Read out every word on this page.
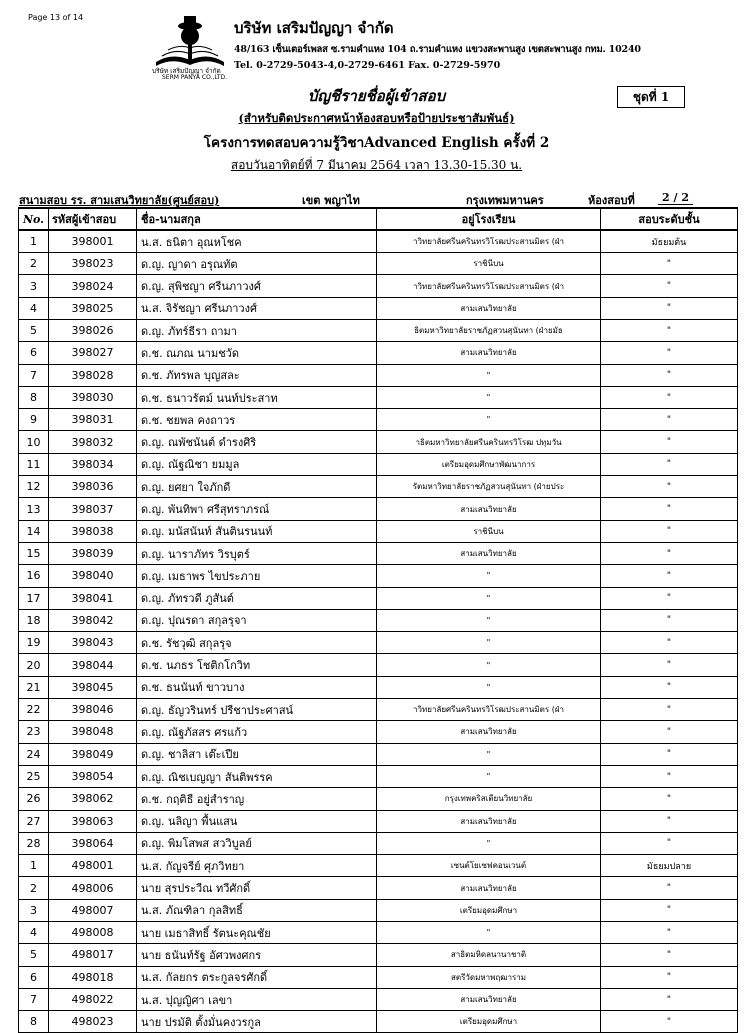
Page 13 of 14
บริษัท เสริมปัญญา จำกัด
SERM PANYA CO.,LTD.
บริษัท เสริมปัญญา จำกัด
48/163 เซ็นเตอร์เพลส ซ.รามคำแหง 104 ถ.รามคำแหง แขวงสะพานสูง เขตสะพานสูง กทม. 10240
Tel. 0-2729-5043-4,0-2729-6461 Fax. 0-2729-5970
บัญชีรายชื่อผู้เข้าสอบ	ชุดที่ 1
(สำหรับติดประกาศหน้าห้องสอบหรือป้ายประชาสัมพันธ์)
โครงการทดสอบความรู้วิชาAdvanced English ครั้งที่ 2
สอบวันอาทิตย์ที่ 7 มีนาคม 2564 เวลา 13.30-15.30 น.
สนามสอบ รร. สามเสนวิทยาลัย(ศูนย์สอบ)	เขต พญาไท	กรุงเทพมหานคร	ห้องสอบที่	2 / 2
No.	รหัสผู้เข้าสอบ	ชื่อ-นามสกุล	อยู่โรงเรียน	สอบระดับชั้น
1	398001	น.ส. ธนิตา อุณหโชค	าวิทยาลัยศรีนครินทรวิโรฒประสานมิตร (ฝ่า	มัธยมต้น
2	398023	ด.ญ. ญาดา อรุณทัต	ราชินีบน	"
3	398024	ด.ญ. สุพิชญา ศรีนภาวงศ์	าวิทยาลัยศรีนครินทรวิโรฒประสานมิตร (ฝ่า	"
4	398025	น.ส. จิรัชญา ศรีนภาวงศ์	สามเสนวิทยาลัย	"
5	398026	ด.ญ. ภัทร์ธีรา ถามา	ธิตมหาวิทยาลัยราชภัฏสวนสุนันทา (ฝ่ายมัธ	"
6	398027	ด.ช. ณภณ นามชวัด	สามเสนวิทยาลัย	"
7	398028	ด.ช. ภัทรพล บุญสละ	"	"
8	398030	ด.ช. ธนาวรัตม์ นนท์ประสาท	"	"
9	398031	ด.ช. ชยพล คงถาวร	"	"
10	398032	ด.ญ. ณพัชนันต์ ดำรงศิริ	าธิตมหาวิทยาลัยศรีนครินทรวิโรฒ ปทุมวัน	"
11	398034	ด.ญ. ณัฐณิชา ยมมูล	เตรียมอุดมศึกษาพัฒนาการ	"
12	398036	ด.ญ. ยศยา ใจภักดี	รัตมหาวิทยาลัยราชภัฏสวนสุนันทา (ฝ่ายประ	"
13	398037	ด.ญ. พันทิพา ศรีสุทราภรณ์	สามเสนวิทยาลัย	"
14	398038	ด.ญ. มนัสนันท์ สันตินรนนท์	ราชินีบน	"
15	398039	ด.ญ. นาราภัทร วิรบุตร์	สามเสนวิทยาลัย	"
16	398040	ด.ญ. เมธาพร ไขประภาย	"	"
17	398041	ด.ญ. ภัทรวดี ภูสันต์	"	"
18	398042	ด.ญ. ปุณรดา สกุลรุจา	"	"
19	398043	ด.ช. รัชวุฒิ สกุลรุจ	"	"
20	398044	ด.ช. นภธร โชติกโกวิท	"	"
21	398045	ด.ช. ธนนันท์ ขาวบาง	"	"
22	398046	ด.ญ. ธัญวรินทร์ ปรีชาประศาสน์	าวิทยาลัยศรีนครินทรวิโรฒประสานมิตร (ฝ่า	"
23	398048	ด.ญ. ณัฐภัสสร ศรแก้ว	สามเสนวิทยาลัย	"
24	398049	ด.ญ. ชาลิสา เต๊ะเปีย	"	"
25	398054	ด.ญ. ณิชเบญญา สันติพรรค	"	"
26	398062	ด.ช. กฤติธี อยู่สำราญ	กรุงเทพคริสเตียนวิทยาลัย	"
27	398063	ด.ญ. นลิญา พื้นแสน	สามเสนวิทยาลัย	"
28	398064	ด.ญ. พิมโสพส สววิบูลย์	"	"
1	498001	น.ส. กัญจรีย์ ศุภวิทยา	เซนต์โยเซฟคอนเวนต์	มัธยมปลาย
2	498006	นาย สุรประวีณ ทวีศักดิ์	สามเสนวิทยาลัย	"
3	498007	น.ส. ภัณฑิลา กุลสิทธิ์	เตรียมอุดมศึกษา	"
4	498008	นาย เมธาสิทธิ์ รัตนะคุณชัย	"	"
5	498017	นาย ธนันท์รัฐ อัศวพงศกร	สาธิตมหิดลนานาชาติ	"
6	498018	น.ส. กัลยกร ตระกูลจรศักดิ์	สตรีวัดมหาพฤฒาราม	"
7	498022	น.ส. ปุญญิศา เลขา	สามเสนวิทยาลัย	"
8	498023	นาย ปรมัติ ตั้งมั่นคงวรกูล	เตรียมอุดมศึกษา	"
